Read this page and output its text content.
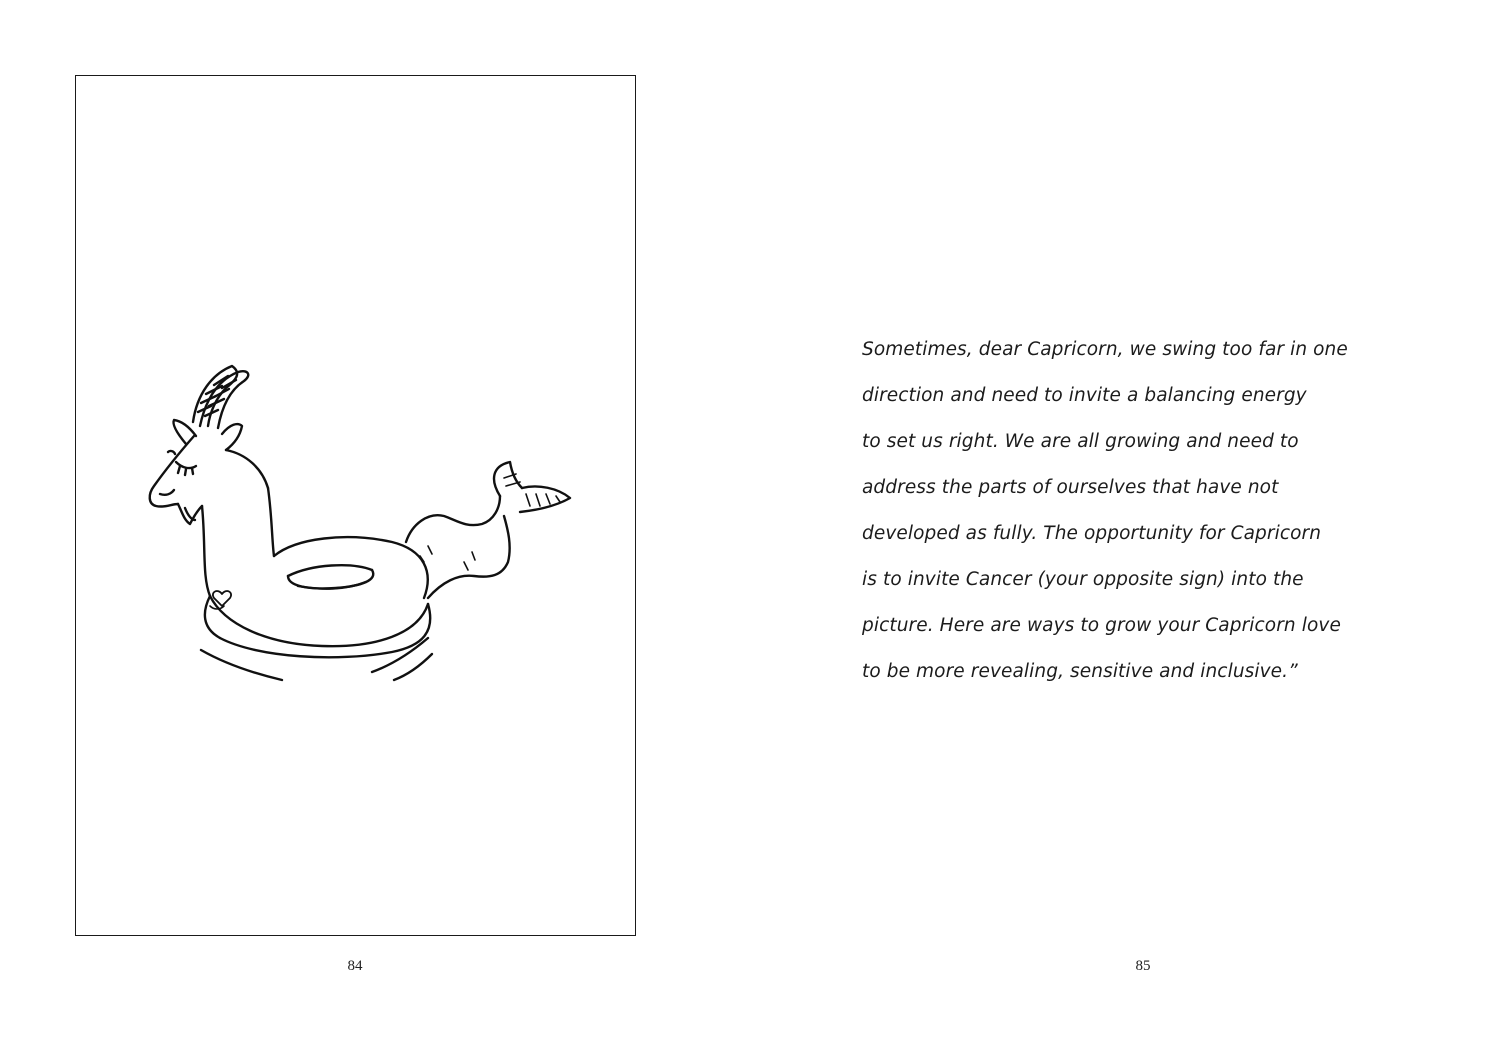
84

Sometimes, dear Capricorn, we swing too far in one
direction and need to invite a balancing energy
to set us right. We are all growing and need to
address the parts of ourselves that have not
developed as fully. The opportunity for Capricorn
is to invite Cancer (your opposite sign) into the
picture. Here are ways to grow your Capricorn love
to be more revealing, sensitive and inclusive.”

85
